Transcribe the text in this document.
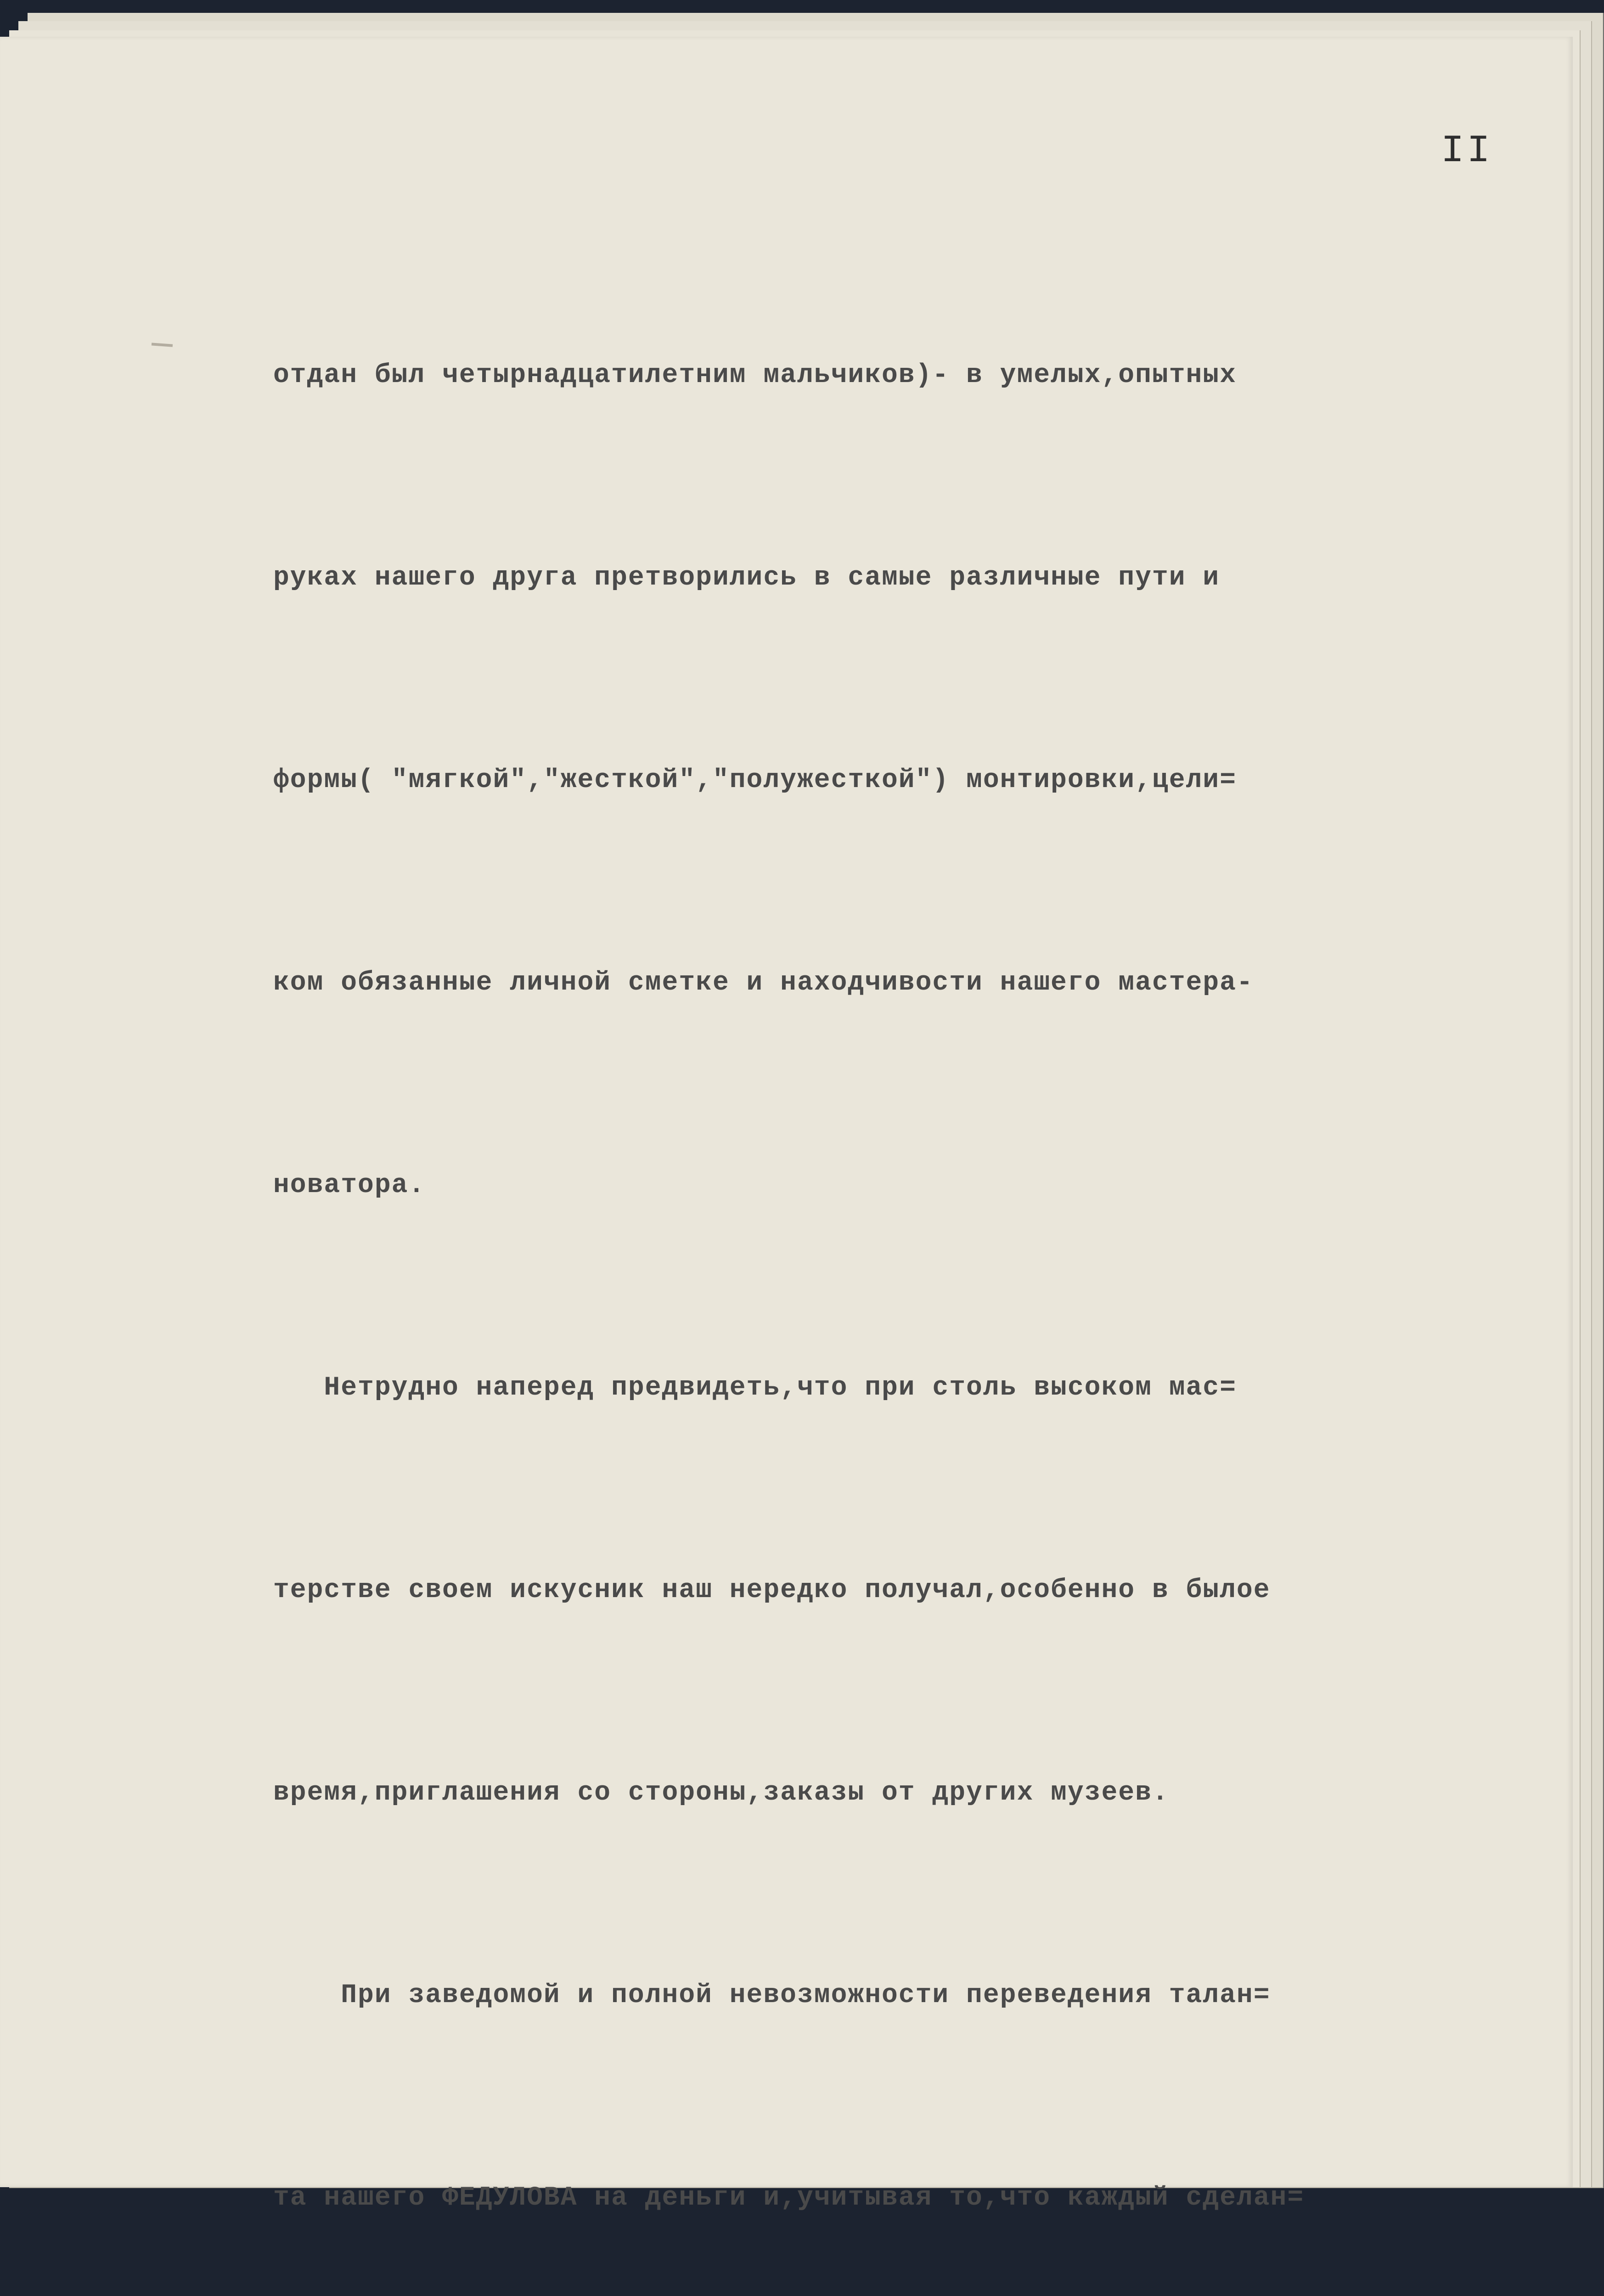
II

отдан был четырнадцатилетним мальчиков)- в умелых,опытных

руках нашего друга претворились в самые различные пути и

формы( "мягкой","жесткой","полужесткой") монтировки,цели=

ком обязанные личной сметке и находчивости нашего мастера-

новатора.

Нетрудно наперед предвидеть,что при столь высоком мас=

терстве своем искусник наш нередко получал,особенно в былое

время,приглашения со стороны,заказы от других музеев.

При заведомой и полной невозможности переведения талан=

та нашего ФЕДУЛОВА на деньги и,учитывая то,что каждый сделан=
